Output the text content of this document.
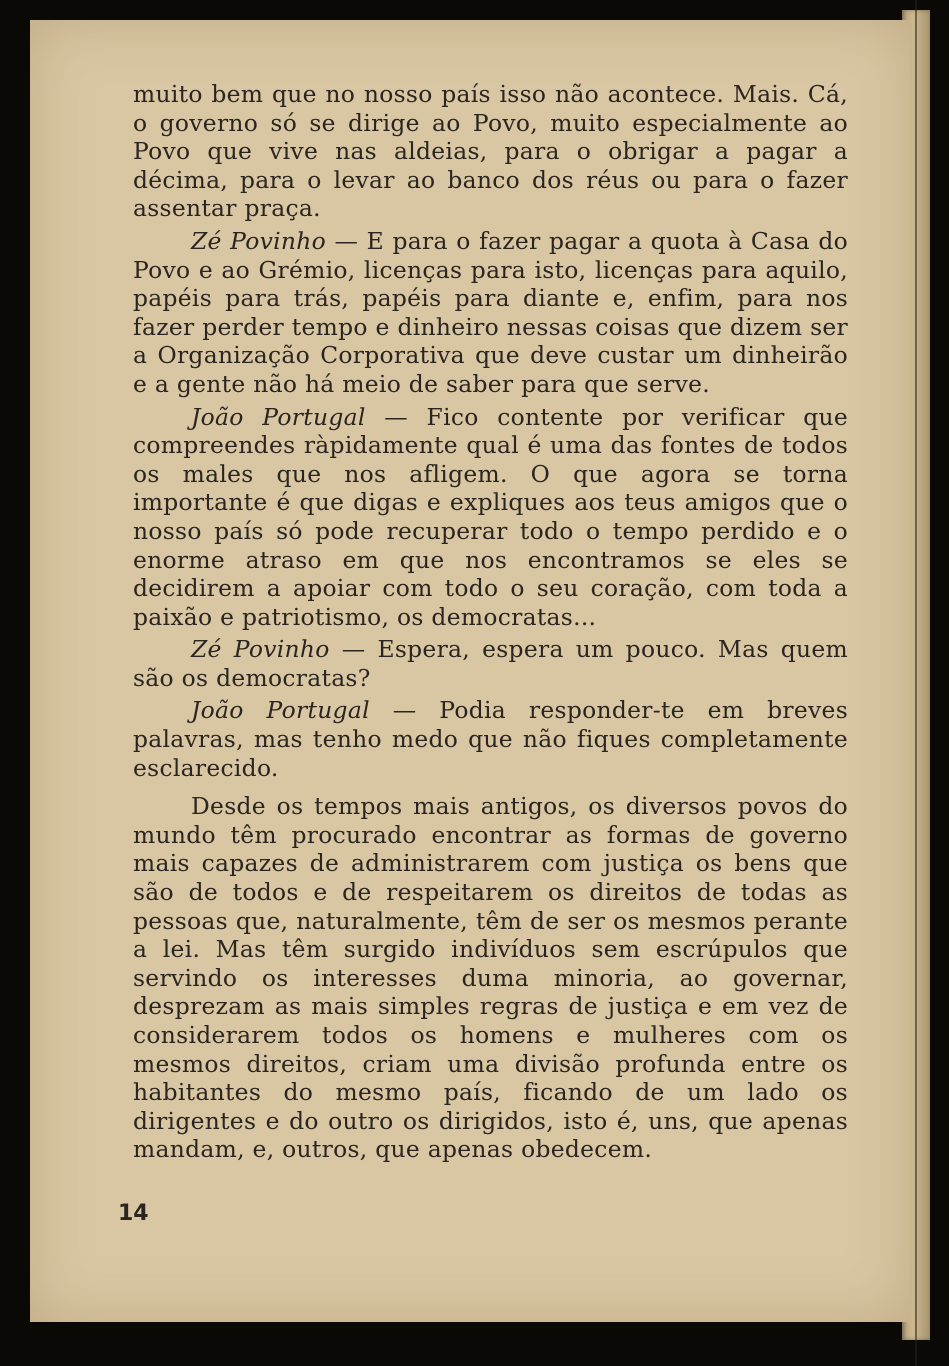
muito bem que no nosso país isso não acontece. Mais. Cá, o governo só se dirige ao Povo, muito especialmente ao Povo que vive nas aldeias, para o obrigar a pagar a décima, para o levar ao banco dos réus ou para o fazer assentar praça.

Zé Povinho — E para o fazer pagar a quota à Casa do Povo e ao Grémio, licenças para isto, licenças para aquilo, papéis para trás, papéis para diante e, enfim, para nos fazer perder tempo e dinheiro nessas coisas que dizem ser a Organização Corporativa que deve custar um dinheirão e a gente não há meio de saber para que serve.

João Portugal — Fico contente por verificar que compreendes ràpidamente qual é uma das fontes de todos os males que nos afligem. O que agora se torna importante é que digas e expliques aos teus amigos que o nosso país só pode recuperar todo o tempo perdido e o enorme atraso em que nos encontramos se eles se decidirem a apoiar com todo o seu coração, com toda a paixão e patriotismo, os democratas...

Zé Povinho — Espera, espera um pouco. Mas quem são os democratas?

João Portugal — Podia responder-te em breves palavras, mas tenho medo que não fiques completamente esclarecido.

Desde os tempos mais antigos, os diversos povos do mundo têm procurado encontrar as formas de governo mais capazes de administrarem com justiça os bens que são de todos e de respeitarem os direitos de todas as pessoas que, naturalmente, têm de ser os mesmos perante a lei. Mas têm surgido indivíduos sem escrúpulos que servindo os interesses duma minoria, ao governar, desprezam as mais simples regras de justiça e em vez de considerarem todos os homens e mulheres com os mesmos direitos, criam uma divisão profunda entre os habitantes do mesmo país, ficando de um lado os dirigentes e do outro os dirigidos, isto é, uns, que apenas mandam, e, outros, que apenas obedecem.

14
